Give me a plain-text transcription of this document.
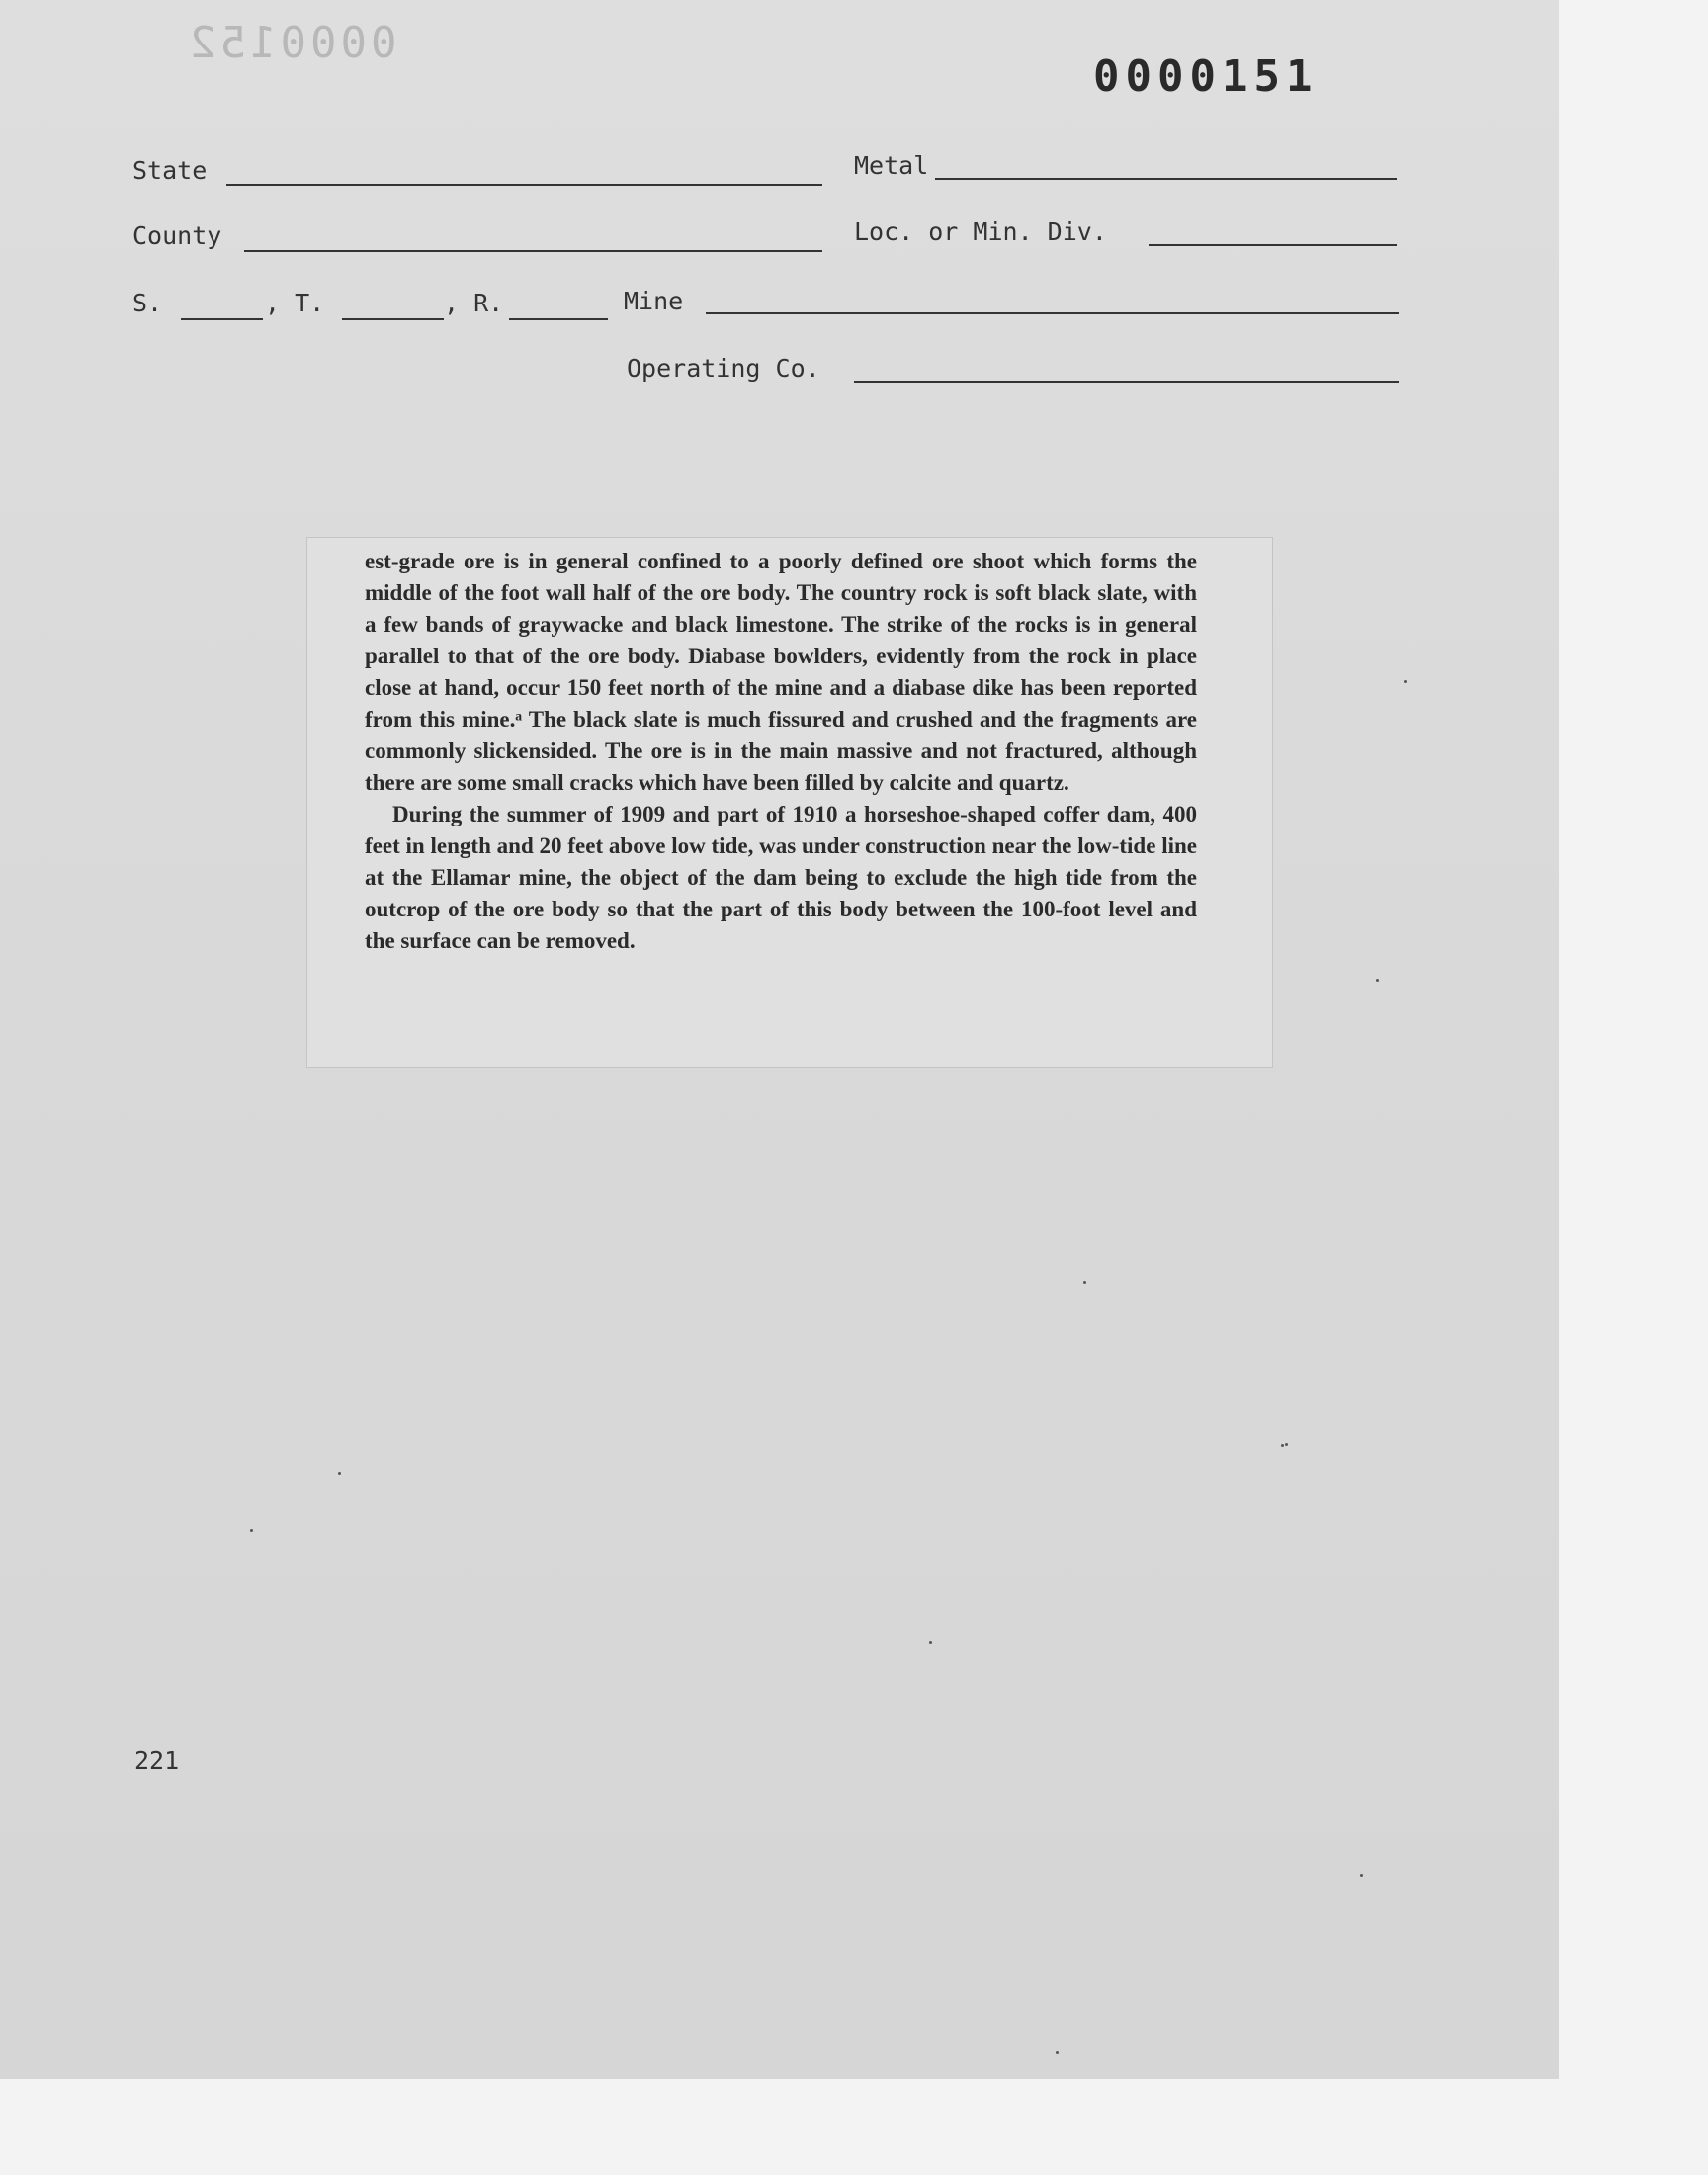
0000152
0000151
State	Metal
County	Loc. or Min. Div.
S.	, T.	, R.	Mine
Operating Co.

est-grade ore is in general confined to a poorly defined ore shoot which forms the middle of the foot wall half of the ore body. The country rock is soft black slate, with a few bands of graywacke and black limestone. The strike of the rocks is in general parallel to that of the ore body. Diabase bowlders, evidently from the rock in place close at hand, occur 150 feet north of the mine and a diabase dike has been reported from this mine.ᵃ The black slate is much fissured and crushed and the fragments are commonly slickensided. The ore is in the main massive and not fractured, although there are some small cracks which have been filled by calcite and quartz.

During the summer of 1909 and part of 1910 a horseshoe-shaped coffer dam, 400 feet in length and 20 feet above low tide, was under construction near the low-tide line at the Ellamar mine, the object of the dam being to exclude the high tide from the outcrop of the ore body so that the part of this body between the 100-foot level and the surface can be removed.

221
